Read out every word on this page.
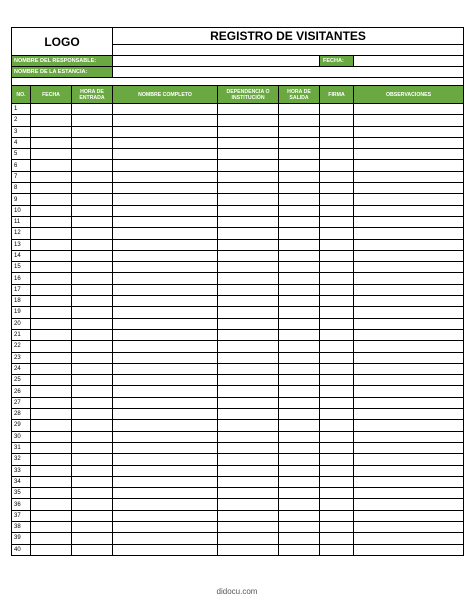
LOGO			REGISTRO DE VISITANTES				

NOMBRE DEL RESPONSABLE:						FECHA:	
NOMBRE DE LA ESTANCIA:							

NO.	FECHA	HORA DE ENTRADA	NOMBRE COMPLETO	DEPENDENCIA O INSTITUCIÓN	HORA DE SALIDA	FIRMA	OBSERVACIONES
1							
2							
3							
4							
5							
6							
7							
8							
9							
10							
11							
12							
13							
14							
15							
16							
17							
18							
19							
20							
21							
22							
23							
24							
25							
26							
27							
28							
29							
30							
31							
32							
33							
34							
35							
36							
37							
38							
39							
40							
didocu.com
